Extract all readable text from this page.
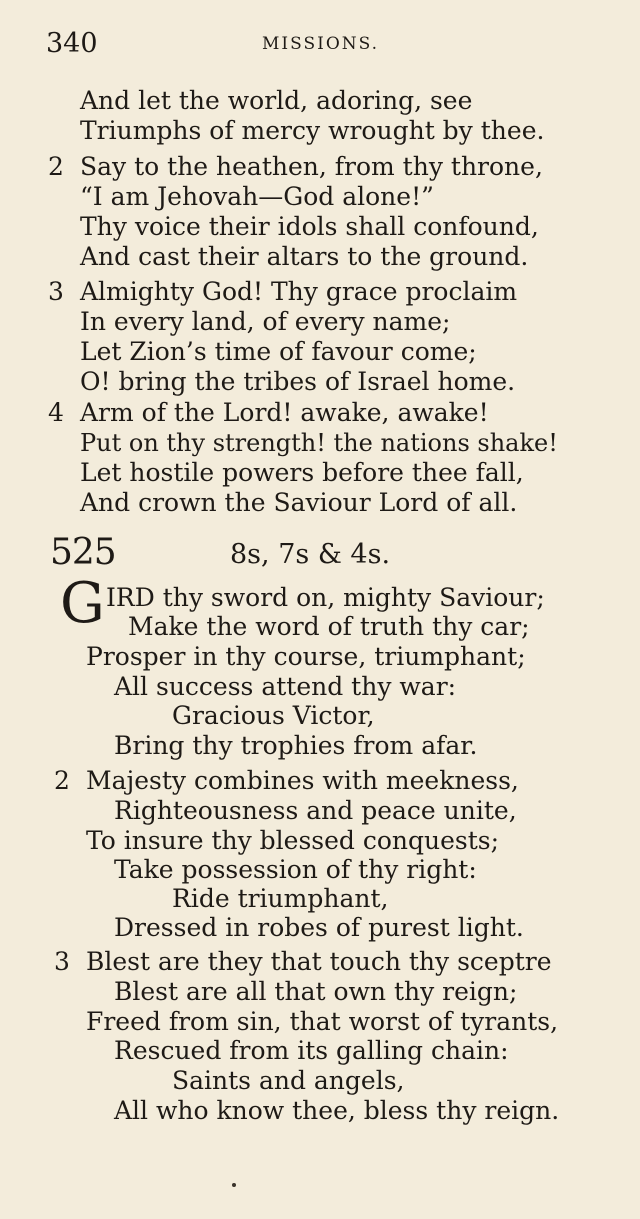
340	MISSIONS.
And let the world, adoring, see
Triumphs of mercy wrought by thee.
2 Say to the heathen, from thy throne,
“I am Jehovah—God alone!”
Thy voice their idols shall confound,
And cast their altars to the ground.
3 Almighty God! Thy grace proclaim
In every land, of every name;
Let Zion’s time of favour come;
O! bring the tribes of Israel home.
4 Arm of the Lord! awake, awake!
Put on thy strength! the nations shake!
Let hostile powers before thee fall,
And crown the Saviour Lord of all.
525	8s, 7s & 4s.
G IRD thy sword on, mighty Saviour;
Make the word of truth thy car;
Prosper in thy course, triumphant;
All success attend thy war:
Gracious Victor,
Bring thy trophies from afar.
2 Majesty combines with meekness,
Righteousness and peace unite,
To insure thy blessed conquests;
Take possession of thy right:
Ride triumphant,
Dressed in robes of purest light.
3 Blest are they that touch thy sceptre
Blest are all that own thy reign;
Freed from sin, that worst of tyrants,
Rescued from its galling chain:
Saints and angels,
All who know thee, bless thy reign.
